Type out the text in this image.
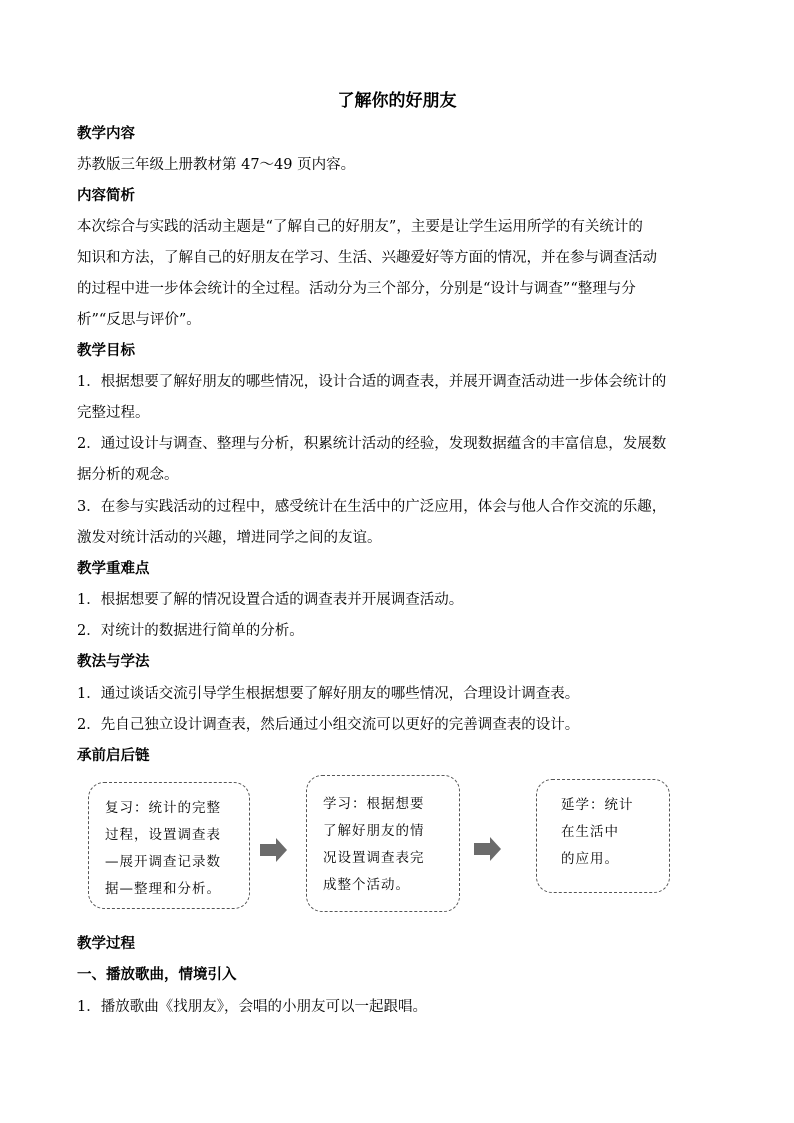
了解你的好朋友
教学内容
苏教版三年级上册教材第 47～49 页内容。
内容简析
本次综合与实践的活动主题是“了解自己的好朋友”，主要是让学生运用所学的有关统计的
知识和方法，了解自己的好朋友在学习、生活、兴趣爱好等方面的情况，并在参与调查活动
的过程中进一步体会统计的全过程。活动分为三个部分，分别是“设计与调查”“整理与分
析”“反思与评价”。
教学目标
1．根据想要了解好朋友的哪些情况，设计合适的调查表，并展开调查活动进一步体会统计的
完整过程。
2．通过设计与调查、整理与分析，积累统计活动的经验，发现数据蕴含的丰富信息，发展数
据分析的观念。
3．在参与实践活动的过程中，感受统计在生活中的广泛应用，体会与他人合作交流的乐趣，
激发对统计活动的兴趣，增进同学之间的友谊。
教学重难点
1．根据想要了解的情况设置合适的调查表并开展调查活动。
2．对统计的数据进行简单的分析。
教法与学法
1．通过谈话交流引导学生根据想要了解好朋友的哪些情况，合理设计调查表。
2．先自己独立设计调查表，然后通过小组交流可以更好的完善调查表的设计。
承前启后链
复习：统计的完整
过程，设置调查表
—展开调查记录数
据—整理和分析。
学习：根据想要
了解好朋友的情
况设置调查表完
成整个活动。
延学：统计
在生活中
的应用。
教学过程
一、播放歌曲，情境引入
1．播放歌曲《找朋友》，会唱的小朋友可以一起跟唱。
